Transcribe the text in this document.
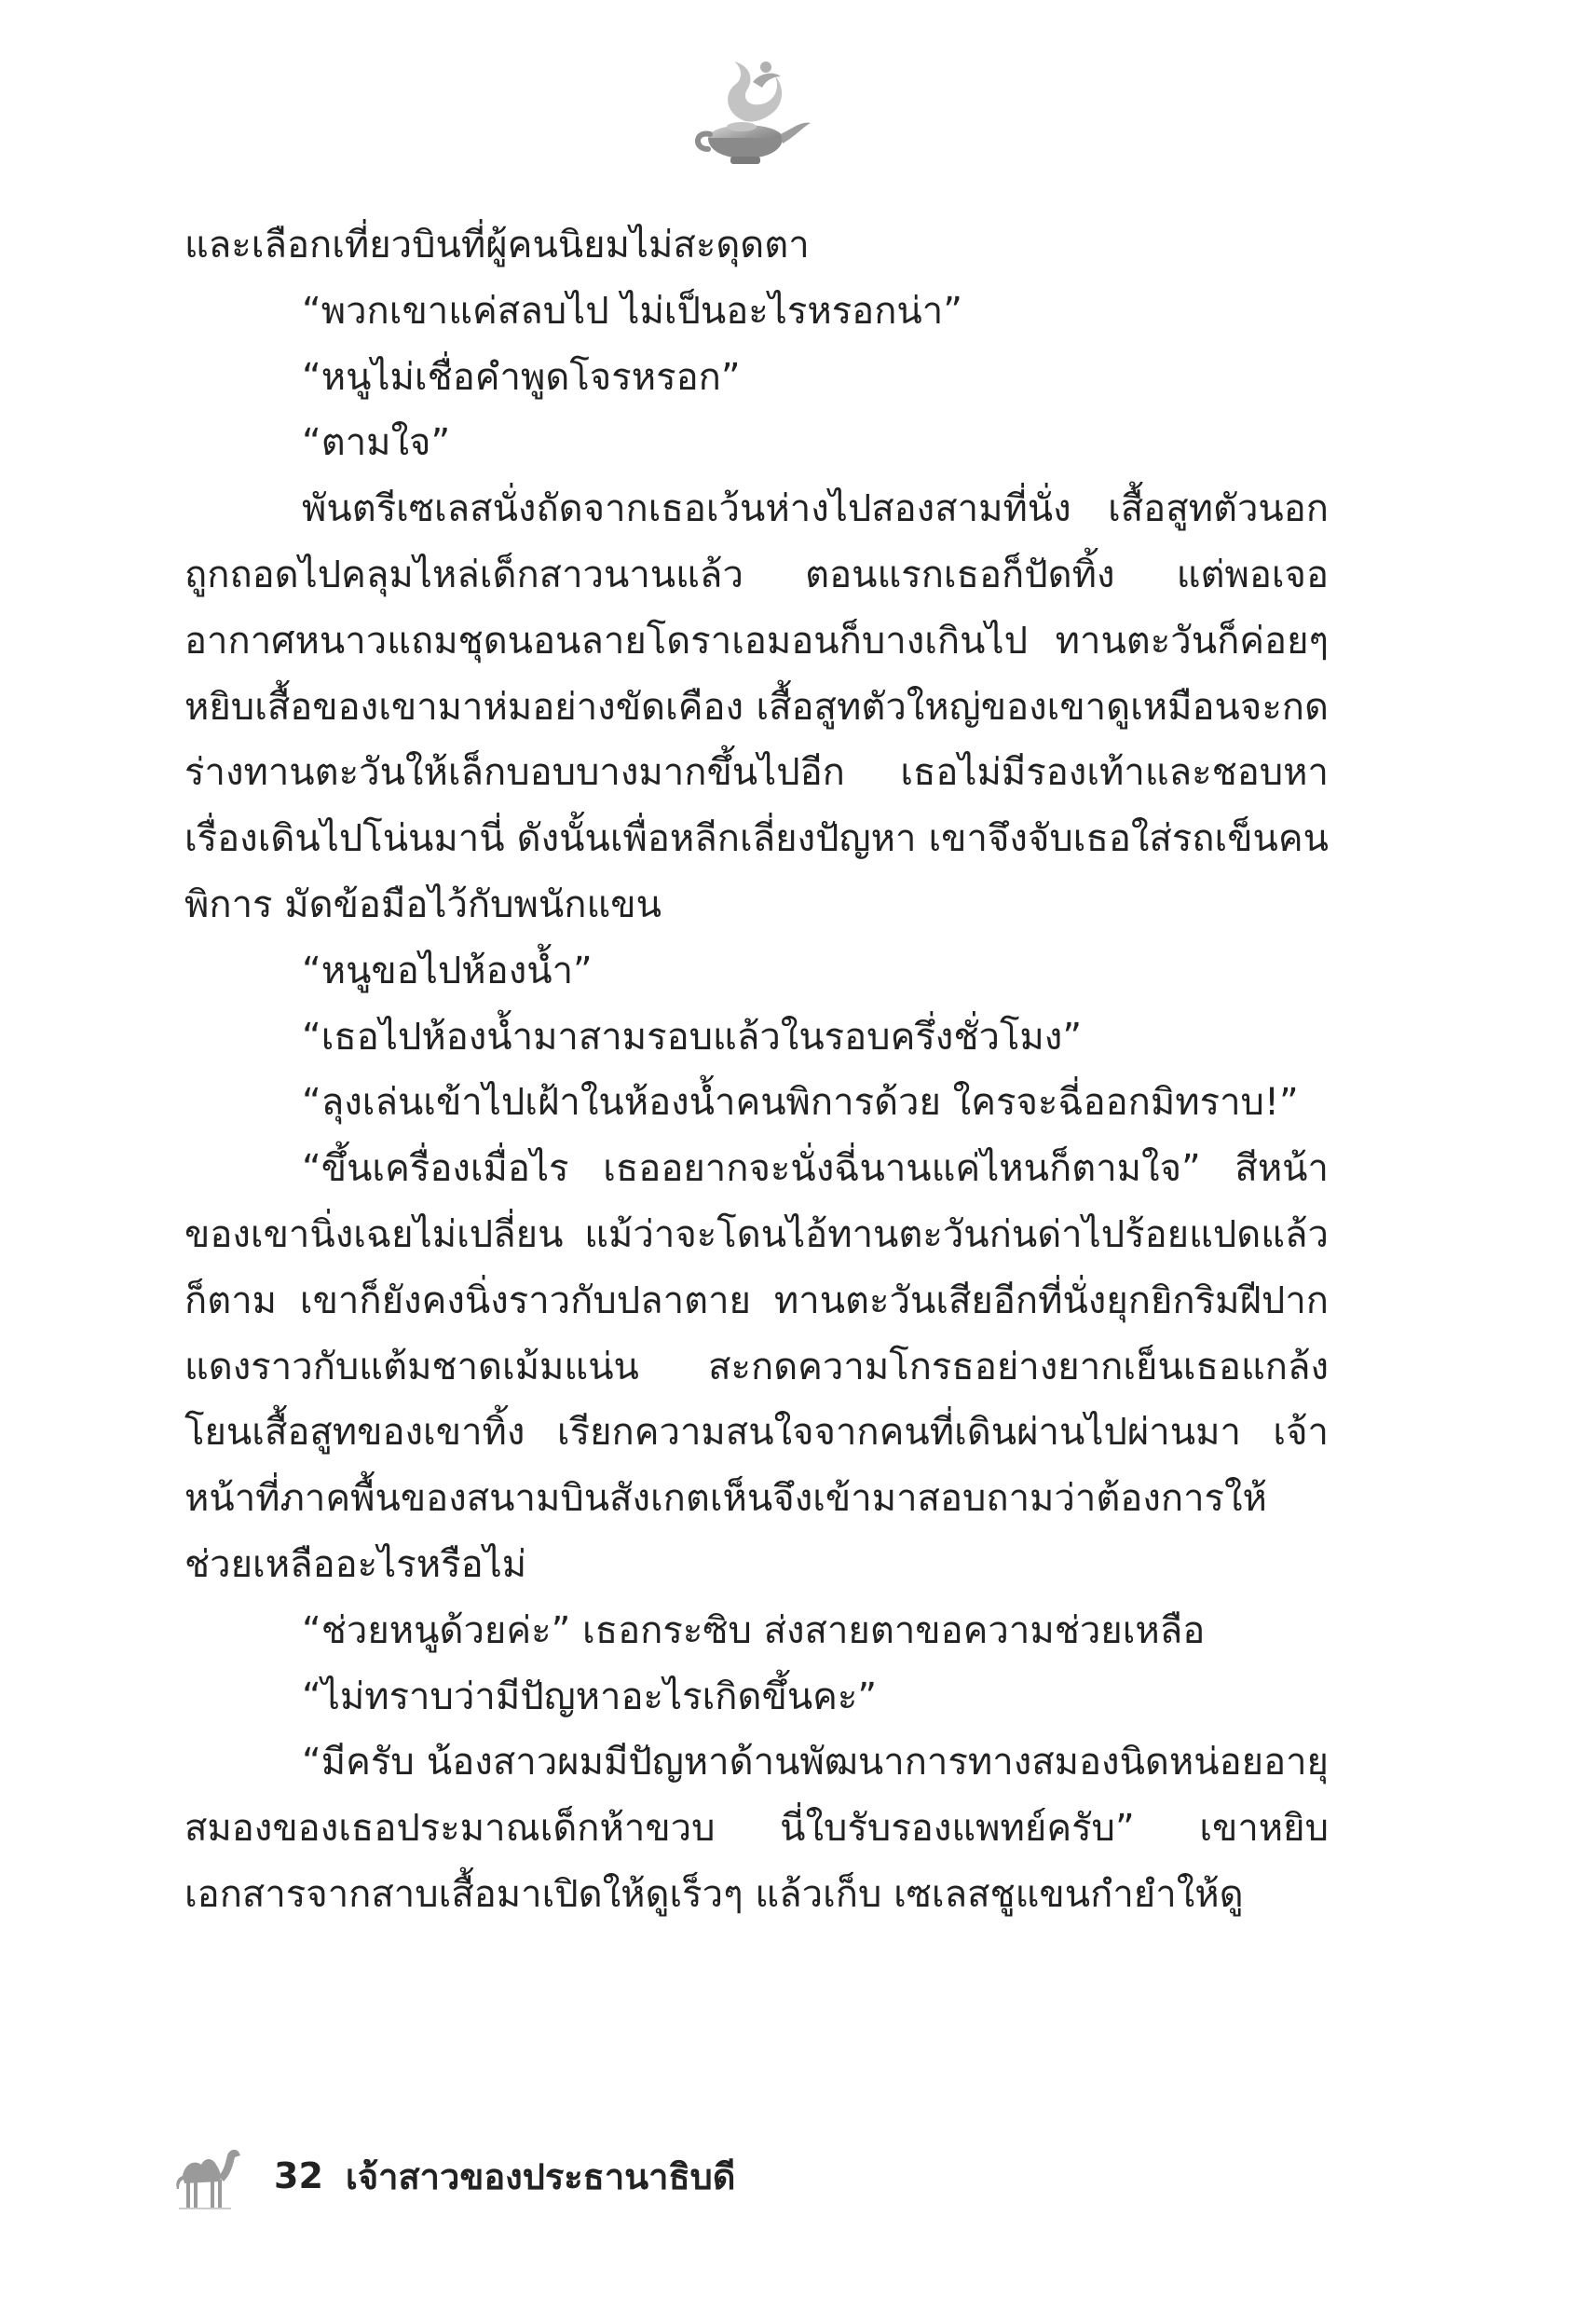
และเลือกเที่ยวบินที่ผู้คนนิยมไม่สะดุดตา

“พวกเขาแค่สลบไป ไม่เป็นอะไรหรอกน่า”

“หนูไม่เชื่อคำพูดโจรหรอก”

“ตามใจ”

พันตรีเซเลสนั่งถัดจากเธอเว้นห่างไปสองสามที่นั่ง เสื้อสูทตัวนอกถูกถอดไปคลุมไหล่เด็กสาวนานแล้ว ตอนแรกเธอก็ปัดทิ้ง แต่พอเจออากาศหนาวแถมชุดนอนลายโดราเอมอนก็บางเกินไป ทานตะวันก็ค่อยๆ หยิบเสื้อของเขามาห่มอย่างขัดเคือง เสื้อสูทตัวใหญ่ของเขาดูเหมือนจะกดร่างทานตะวันให้เล็กบอบบางมากขึ้นไปอีก เธอไม่มีรองเท้าและชอบหาเรื่องเดินไปโน่นมานี่ ดังนั้นเพื่อหลีกเลี่ยงปัญหา เขาจึงจับเธอใส่รถเข็นคนพิการ มัดข้อมือไว้กับพนักแขน

“หนูขอไปห้องน้ำ”

“เธอไปห้องน้ำมาสามรอบแล้วในรอบครึ่งชั่วโมง”

“ลุงเล่นเข้าไปเฝ้าในห้องน้ำคนพิการด้วย ใครจะฉี่ออกมิทราบ!”

“ขึ้นเครื่องเมื่อไร เธออยากจะนั่งฉี่นานแค่ไหนก็ตามใจ” สีหน้าของเขานิ่งเฉยไม่เปลี่ยน แม้ว่าจะโดนไอ้ทานตะวันก่นด่าไปร้อยแปดแล้วก็ตาม เขาก็ยังคงนิ่งราวกับปลาตาย ทานตะวันเสียอีกที่นั่งยุกยิกริมฝีปากแดงราวกับแต้มชาดเม้มแน่น สะกดความโกรธอย่างยากเย็นเธอแกล้งโยนเสื้อสูทของเขาทิ้ง เรียกความสนใจจากคนที่เดินผ่านไปผ่านมา เจ้าหน้าที่ภาคพื้นของสนามบินสังเกตเห็นจึงเข้ามาสอบถามว่าต้องการให้ช่วยเหลืออะไรหรือไม่

“ช่วยหนูด้วยค่ะ” เธอกระซิบ ส่งสายตาขอความช่วยเหลือ

“ไม่ทราบว่ามีปัญหาอะไรเกิดขึ้นคะ”

“มีครับ น้องสาวผมมีปัญหาด้านพัฒนาการทางสมองนิดหน่อยอายุสมองของเธอประมาณเด็กห้าขวบ นี่ใบรับรองแพทย์ครับ” เขาหยิบเอกสารจากสาบเสื้อมาเปิดให้ดูเร็วๆ แล้วเก็บ เซเลสชูแขนกำยำให้ดู

32 เจ้าสาวของประธานาธิบดี
